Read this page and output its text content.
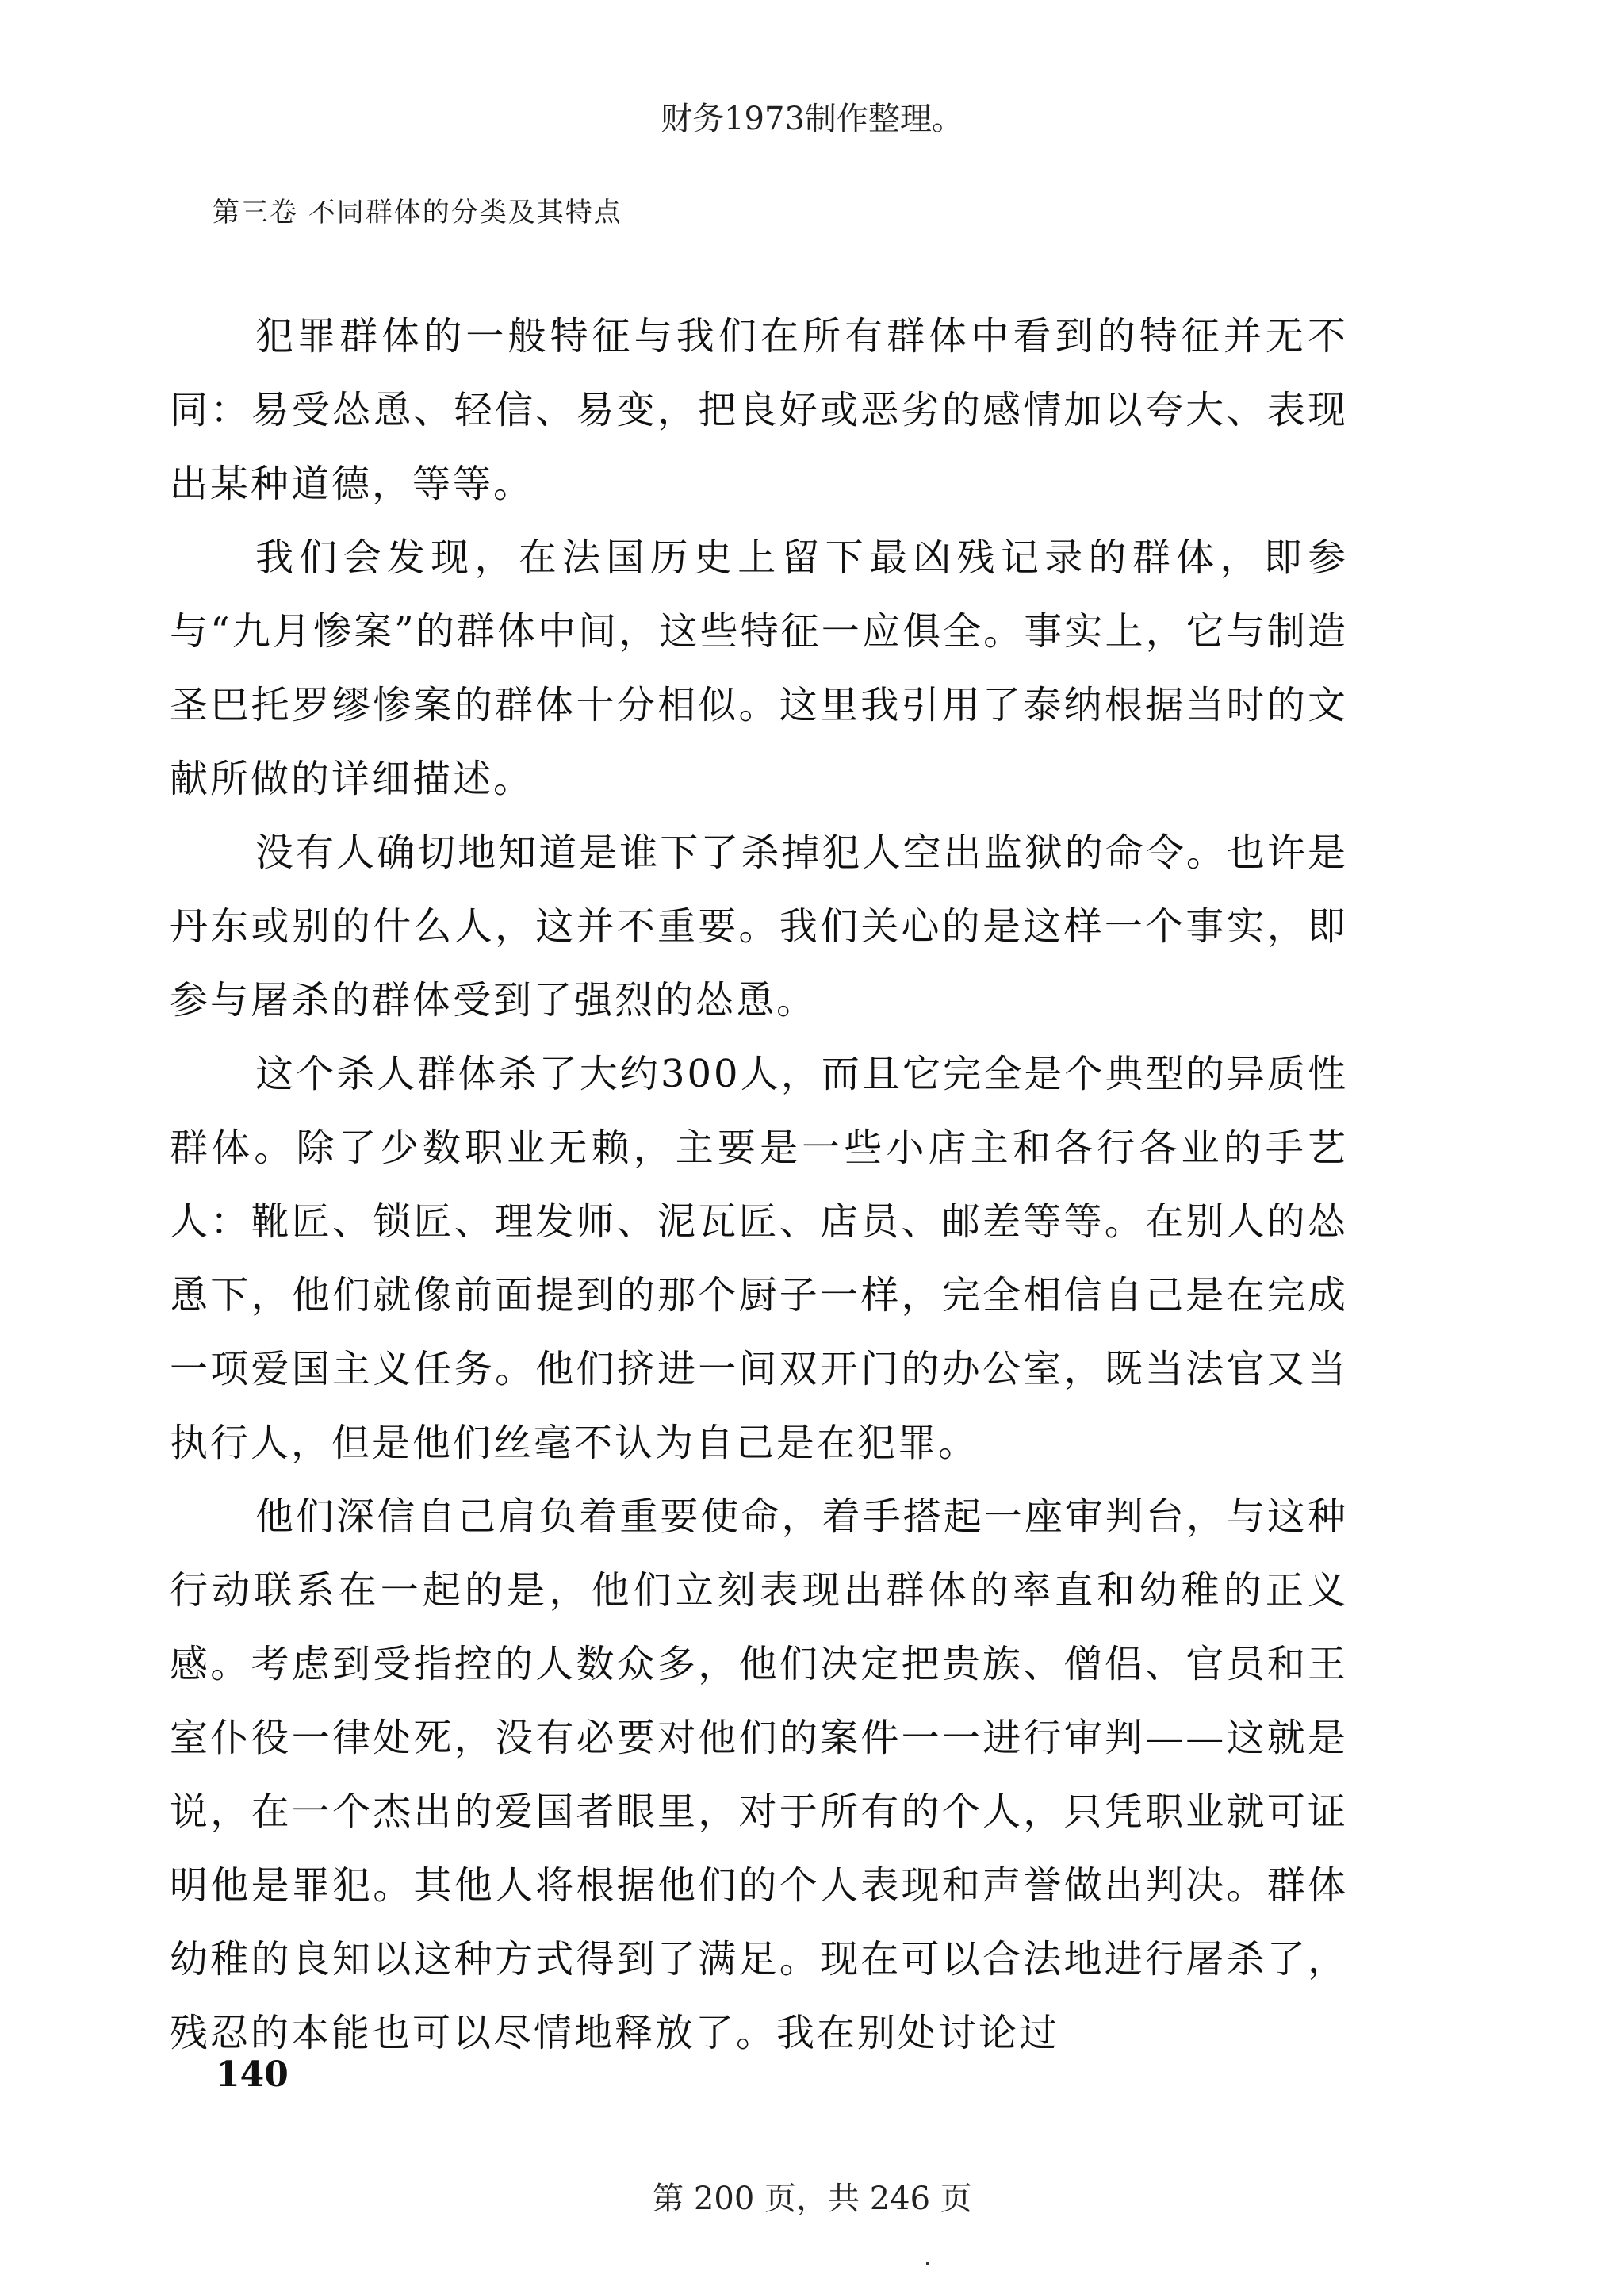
财务1973制作整理。
第三卷 不同群体的分类及其特点

犯罪群体的一般特征与我们在所有群体中看到的特征并无不同：易受怂恿、轻信、易变，把良好或恶劣的感情加以夸大、表现出某种道德，等等。

我们会发现，在法国历史上留下最凶残记录的群体，即参与“九月惨案”的群体中间，这些特征一应俱全。事实上，它与制造圣巴托罗缪惨案的群体十分相似。这里我引用了泰纳根据当时的文献所做的详细描述。

没有人确切地知道是谁下了杀掉犯人空出监狱的命令。也许是丹东或别的什么人，这并不重要。我们关心的是这样一个事实，即参与屠杀的群体受到了强烈的怂恿。

这个杀人群体杀了大约300人，而且它完全是个典型的异质性群体。除了少数职业无赖，主要是一些小店主和各行各业的手艺人：靴匠、锁匠、理发师、泥瓦匠、店员、邮差等等。在别人的怂恿下，他们就像前面提到的那个厨子一样，完全相信自己是在完成一项爱国主义任务。他们挤进一间双开门的办公室，既当法官又当执行人，但是他们丝毫不认为自己是在犯罪。

他们深信自己肩负着重要使命，着手搭起一座审判台，与这种行动联系在一起的是，他们立刻表现出群体的率直和幼稚的正义感。考虑到受指控的人数众多，他们决定把贵族、僧侣、官员和王室仆役一律处死，没有必要对他们的案件一一进行审判——这就是说，在一个杰出的爱国者眼里，对于所有的个人，只凭职业就可证明他是罪犯。其他人将根据他们的个人表现和声誉做出判决。群体幼稚的良知以这种方式得到了满足。现在可以合法地进行屠杀了，残忍的本能也可以尽情地释放了。我在别处讨论过

140
第 200 页，共 246 页
